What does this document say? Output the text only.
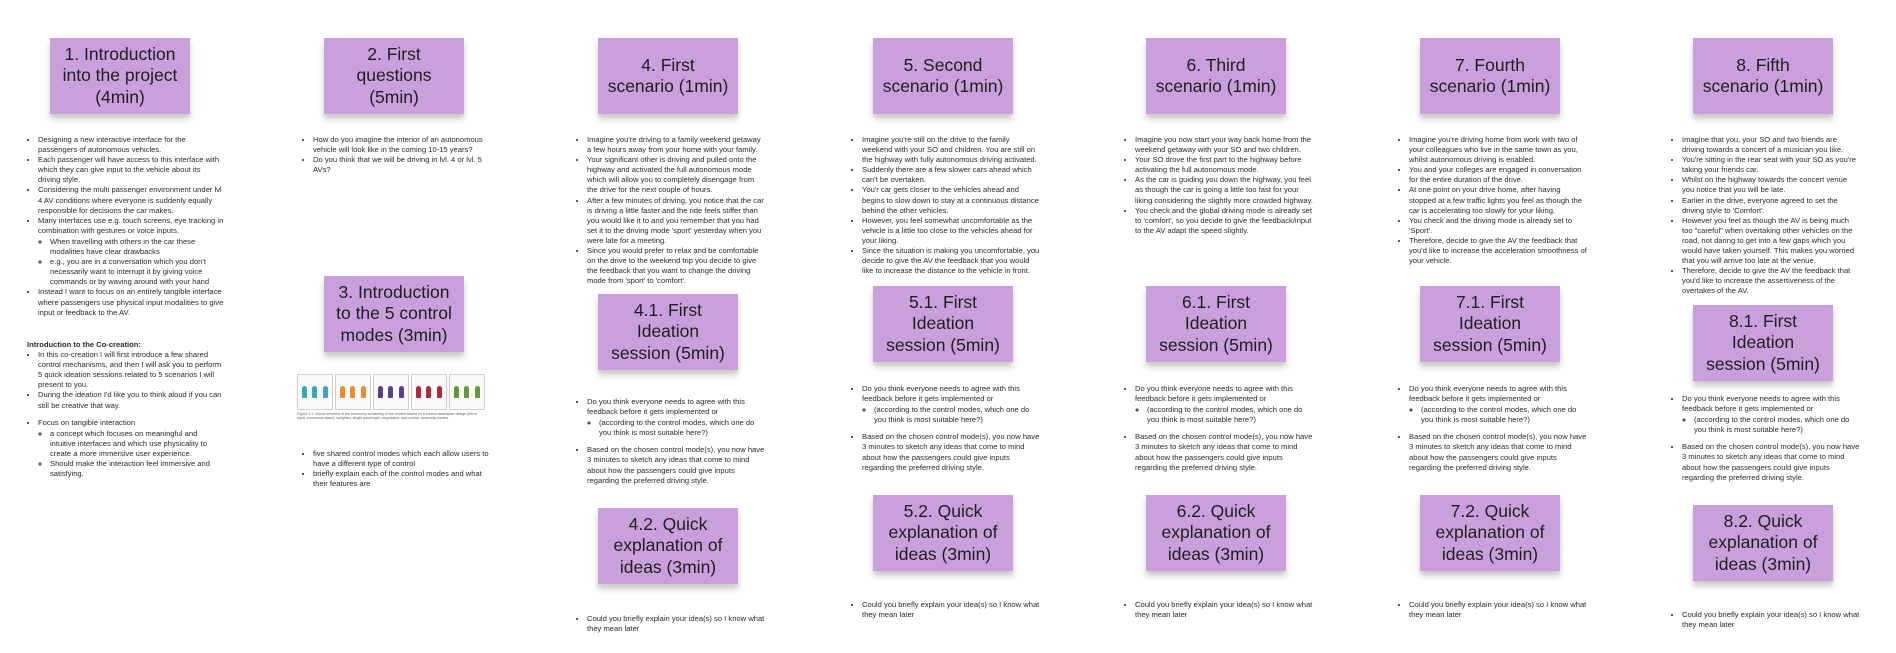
1. Introduction
into the project
(4min)
• Designing a new interactive interface for the passengers of autonomous vehicles.
• Each passenger will have access to this interface with which they can give input to the vehicle about its driving style.
• Considering the multi passenger environment under lvl 4 AV conditions where everyone is suddenly equally responsible for decisions the car makes.
• Many interfaces use e.g. touch screens, eye tracking in combination with gestures or voice inputs.
◦ When travelling with others in the car these modalities have clear drawbacks
◦ e.g., you are in a conversation which you don't necessarily want to interrupt it by giving voice commands or by waving around with your hand
• Instead I want to focus on an entirely tangible interface where passengers use physical input modalities to give input or feedback to the AV.

Introduction to the Co-creation:

• In this co-creation I will first introduce a few shared control mechanisms, and then I will ask you to perform 5 quick ideation sessions related to 5 scenarios I will present to you.
• During the ideation I'd like you to think aloud if you can still be creative that way.
• Focus on tangible interaction
◦ a concept which focuses on meaningful and intuitive interfaces and which use physicality to create a more immersive user experience.
◦ Should make the interaction feel immersive and satisfying.
2. First questions
(5min)
• How do you imagine the interior of an autonomous vehicle will look like in the coming 10-15 years?
• Do you think that we will be driving in lvl. 4 or lvl. 5 AVs?
3. Introduction
to the 5 control
modes (3min)
Figure 1.1: Visual overview of the taxonomy consisting of five modes based on a control assistance design (left to right) consensus-based, weighted, single passenger, negotiation, and control ownership modes.
• five shared control modes which each allow users to have a different type of control
• briefly explain each of the control modes and what their features are
4. First
scenario (1min)
• Imagine you're driving to a family weekend getaway a few hours away from your home with your family.
• Your significant other is driving and pulled onto the highway and activated the full autonomous mode which will allow you to completely disengage from the drive for the next couple of hours.
• After a few minutes of driving, you notice that the car is driving a little faster and the ride feels stiffer than you would like it to and you remember that you had set it to the driving mode 'sport' yesterday when you were late for a meeting.
• Since you would prefer to relax and be comfortable on the drive to the weekend trip you decide to give the feedback that you want to change the driving mode from 'sport' to 'comfort'.
4.1. First Ideation
session (5min)
• Do you think everyone needs to agree with this feedback before it gets implemented or
◦ (according to the control modes, which one do you think is most suitable here?)
• Based on the chosen control mode(s), you now have 3 minutes to sketch any ideas that come to mind about how the passengers could give inputs regarding the preferred driving style.
4.2. Quick
explanation of
ideas (3min)
• Could you briefly explain your idea(s) so I know what they mean later
5. Second
scenario (1min)
• Imagine you're still on the drive to the family weekend with your SO and children. You are still on the highway with fully autonomous driving activated.
• Suddenly there are a few slower cars ahead which can't be overtaken.
• You'r car gets closer to the vehicles ahead and begins to slow down to stay at a continuous distance behind the other vehicles.
• However, you feel somewhat uncomfortable as the vehicle is a little too close to the vehicles ahead for your liking.
• Since the situation is making you uncomfortable, you decide to give the AV the feedback that you would like to increase the distance to the vehicle in front.
5.1. First Ideation
session (5min)
• Do you think everyone needs to agree with this feedback before it gets implemented or
◦ (according to the control modes, which one do you think is most suitable here?)
• Based on the chosen control mode(s), you now have 3 minutes to sketch any ideas that come to mind about how the passengers could give inputs regarding the preferred driving style.
5.2. Quick
explanation of
ideas (3min)
• Could you briefly explain your idea(s) so I know what they mean later
6. Third
scenario (1min)
• Imagine you now start your way back home from the weekend getaway with your SO and two children.
• Your SO drove the first part to the highway before activating the full autonomous mode.
• As the car is guiding you down the highway, you feel as though the car is going a little too fast for your liking considering the slightly more crowded highway.
• You check and the global driving mode is already set to 'comfort', so you decide to give the feedback/input to the AV adapt the speed slightly.
6.1. First Ideation
session (5min)
• Do you think everyone needs to agree with this feedback before it gets implemented or
◦ (according to the control modes, which one do you think is most suitable here?)
• Based on the chosen control mode(s), you now have 3 minutes to sketch any ideas that come to mind about how the passengers could give inputs regarding the preferred driving style.
6.2. Quick
explanation of
ideas (3min)
• Could you briefly explain your idea(s) so I know what they mean later
7. Fourth
scenario (1min)
• Imagine you're driving home from work with two of your colleagues who live in the same town as you, whilst autonomous driving is enabled.
• You and your colleges are engaged in conversation for the entire duration of the drive.
• At one point on your drive home, after having stopped at a few traffic lights you feel as though the car is accelerating too slowly for your liking.
• You check and the driving mode is already set to 'Sport'.
• Therefore, decide to give the AV the feedback that you'd like to increase the acceleration smoothness of your vehicle.
7.1. First Ideation
session (5min)
• Do you think everyone needs to agree with this feedback before it gets implemented or
◦ (according to the control modes, which one do you think is most suitable here?)
• Based on the chosen control mode(s), you now have 3 minutes to sketch any ideas that come to mind about how the passengers could give inputs regarding the preferred driving style.
7.2. Quick
explanation of
ideas (3min)
• Could you briefly explain your idea(s) so I know what they mean later
8. Fifth
scenario (1min)
• Imagine that you, your SO and two friends are driving towards a concert of a musician you like.
• You're sitting in the rear seat with your SO as you're taking your friends car.
• Whilst on the highway towards the concert venue you notice that you will be late.
• Earlier in the drive, everyone agreed to set the driving style to 'Comfort'.
• However you feel as though the AV is being much too "careful" when overtaking other vehicles on the road, not daring to get into a few gaps which you would have taken yourself. This makes you worried that you will arrive too late at the venue.
• Therefore, decide to give the AV the feedback that you'd like to increase the assertiveness of the overtakes of the AV.
8.1. First Ideation
session (5min)
• Do you think everyone needs to agree with this feedback before it gets implemented or
◦ (according to the control modes, which one do you think is most suitable here?)
• Based on the chosen control mode(s), you now have 3 minutes to sketch any ideas that come to mind about how the passengers could give inputs regarding the preferred driving style.
8.2. Quick
explanation of
ideas (3min)
• Could you briefly explain your idea(s) so I know what they mean later
